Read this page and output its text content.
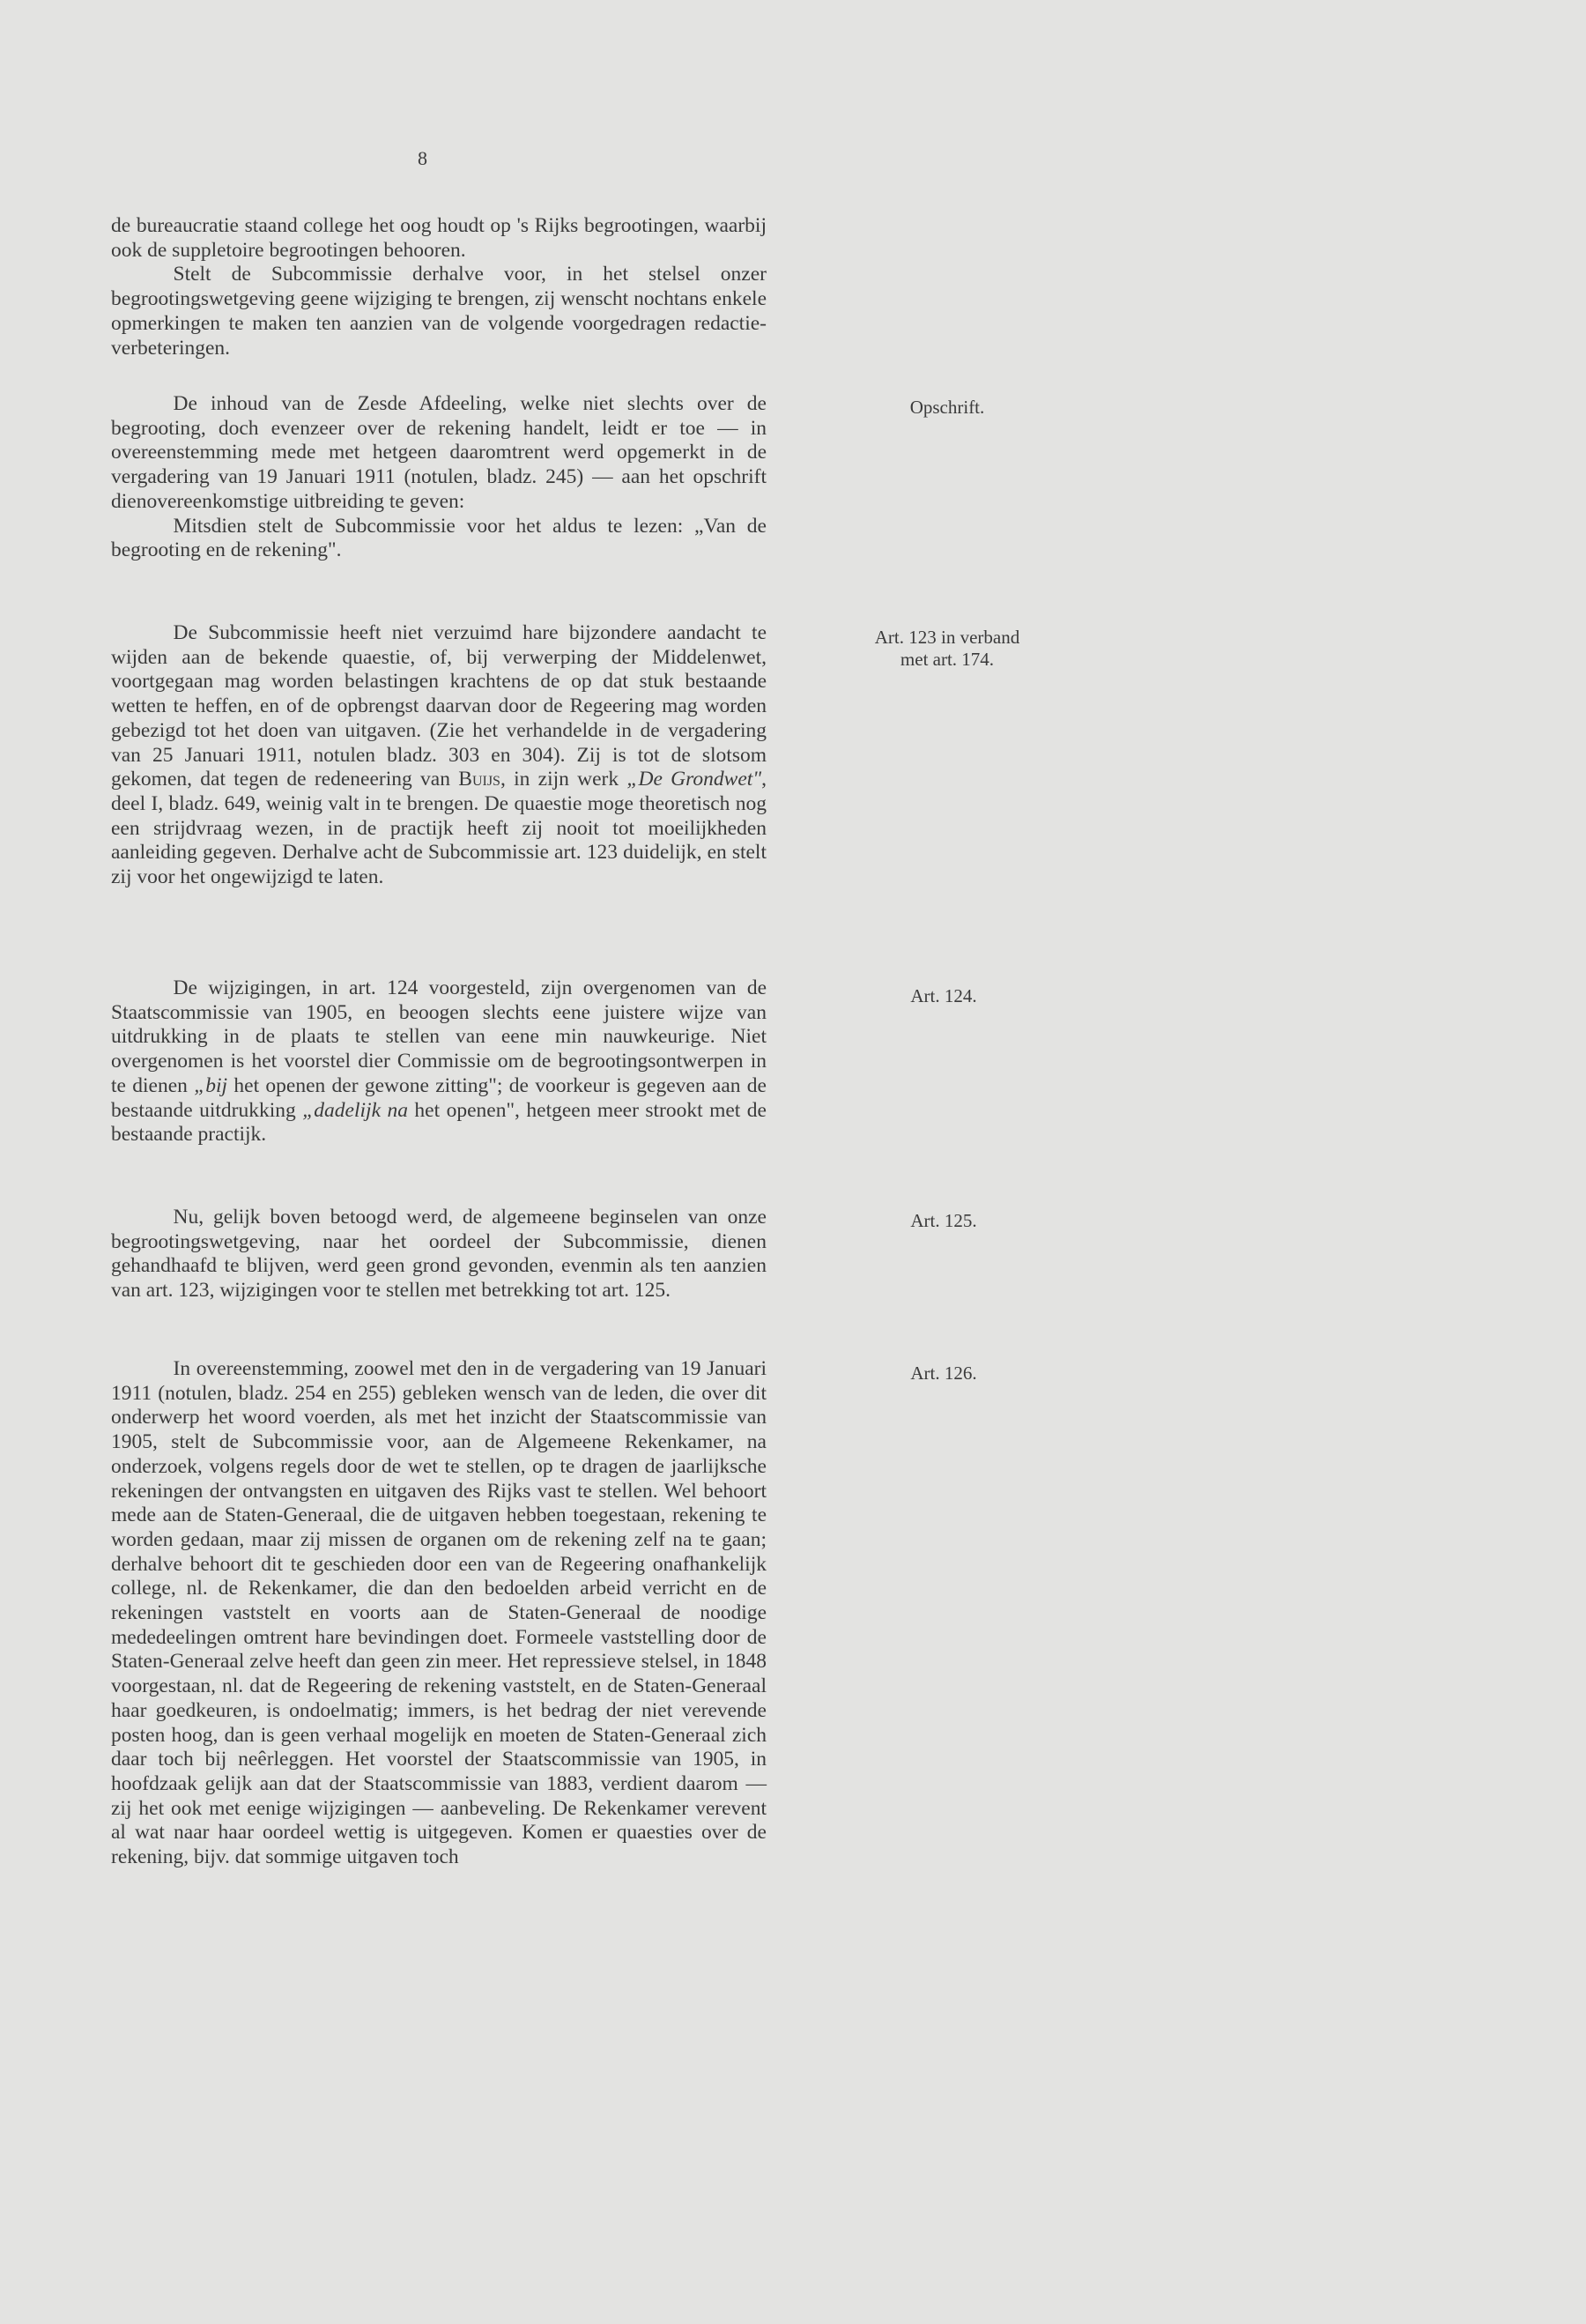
8

de bureaucratie staand college het oog houdt op 's Rijks begrootingen, waarbij ook de suppletoire begrootingen behooren.

Stelt de Subcommissie derhalve voor, in het stelsel onzer begrootingswetgeving geene wijziging te brengen, zij wenscht nochtans enkele opmerkingen te maken ten aanzien van de volgende voorgedragen redactie-verbeteringen.

De inhoud van de Zesde Afdeeling, welke niet slechts over de begrooting, doch evenzeer over de rekening handelt, leidt er toe — in overeenstemming mede met hetgeen daaromtrent werd opgemerkt in de vergadering van 19 Januari 1911 (notulen, bladz. 245) — aan het opschrift dienovereenkomstige uitbreiding te geven:

Mitsdien stelt de Subcommissie voor het aldus te lezen: „Van de begrooting en de rekening".

Opschrift.

De Subcommissie heeft niet verzuimd hare bijzondere aandacht te wijden aan de bekende quaestie, of, bij verwerping der Middelenwet, voortgegaan mag worden belastingen krachtens de op dat stuk bestaande wetten te heffen, en of de opbrengst daarvan door de Regeering mag worden gebezigd tot het doen van uitgaven. (Zie het verhandelde in de vergadering van 25 Januari 1911, notulen bladz. 303 en 304). Zij is tot de slotsom gekomen, dat tegen de redeneering van Buijs, in zijn werk „De Grondwet", deel I, bladz. 649, weinig valt in te brengen. De quaestie moge theoretisch nog een strijdvraag wezen, in de practijk heeft zij nooit tot moeilijkheden aanleiding gegeven. Derhalve acht de Subcommissie art. 123 duidelijk, en stelt zij voor het ongewijzigd te laten.

Art. 123 in verband
met art. 174.

De wijzigingen, in art. 124 voorgesteld, zijn overgenomen van de Staatscommissie van 1905, en beoogen slechts eene juistere wijze van uitdrukking in de plaats te stellen van eene min nauwkeurige. Niet overgenomen is het voorstel dier Commissie om de begrootingsontwerpen in te dienen „bij het openen der gewone zitting"; de voorkeur is gegeven aan de bestaande uitdrukking „dadelijk na het openen", hetgeen meer strookt met de bestaande practijk.

Art. 124.

Nu, gelijk boven betoogd werd, de algemeene beginselen van onze begrootingswetgeving, naar het oordeel der Subcommissie, dienen gehandhaafd te blijven, werd geen grond gevonden, evenmin als ten aanzien van art. 123, wijzigingen voor te stellen met betrekking tot art. 125.

Art. 125.

In overeenstemming, zoowel met den in de vergadering van 19 Januari 1911 (notulen, bladz. 254 en 255) gebleken wensch van de leden, die over dit onderwerp het woord voerden, als met het inzicht der Staatscommissie van 1905, stelt de Subcommissie voor, aan de Algemeene Rekenkamer, na onderzoek, volgens regels door de wet te stellen, op te dragen de jaarlijksche rekeningen der ontvangsten en uitgaven des Rijks vast te stellen. Wel behoort mede aan de Staten-Generaal, die de uitgaven hebben toegestaan, rekening te worden gedaan, maar zij missen de organen om de rekening zelf na te gaan; derhalve behoort dit te geschieden door een van de Regeering onafhankelijk college, nl. de Rekenkamer, die dan den bedoelden arbeid verricht en de rekeningen vaststelt en voorts aan de Staten-Generaal de noodige mededeelingen omtrent hare bevindingen doet. Formeele vaststelling door de Staten-Generaal zelve heeft dan geen zin meer. Het repressieve stelsel, in 1848 voorgestaan, nl. dat de Regeering de rekening vaststelt, en de Staten-Generaal haar goedkeuren, is ondoelmatig; immers, is het bedrag der niet verevende posten hoog, dan is geen verhaal mogelijk en moeten de Staten-Generaal zich daar toch bij neêrleggen. Het voorstel der Staatscommissie van 1905, in hoofdzaak gelijk aan dat der Staatscommissie van 1883, verdient daarom — zij het ook met eenige wijzigingen — aanbeveling. De Rekenkamer verevent al wat naar haar oordeel wettig is uitgegeven. Komen er quaesties over de rekening, bijv. dat sommige uitgaven toch

Art. 126.
